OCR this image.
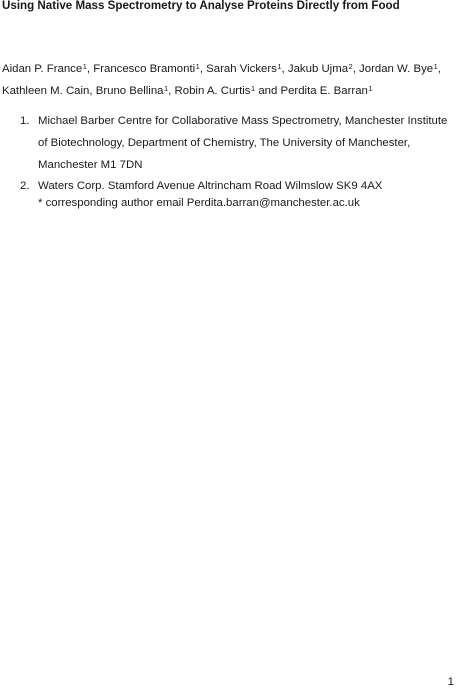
Using Native Mass Spectrometry to Analyse Proteins Directly from Food
Aidan P. France$^1$, Francesco Bramonti$^1$, Sarah Vickers$^1$, Jakub Ujma$^2$, Jordan W. Bye$^1$, Kathleen M. Cain, Bruno Bellina$^1$, Robin A. Curtis$^1$ and Perdita E. Barran$^1$
1. Michael Barber Centre for Collaborative Mass Spectrometry, Manchester Institute of Biotechnology, Department of Chemistry, The University of Manchester, Manchester M1 7DN
2. Waters Corp. Stamford Avenue Altrincham Road Wilmslow SK9 4AX
* corresponding author email Perdita.barran@manchester.ac.uk
1
